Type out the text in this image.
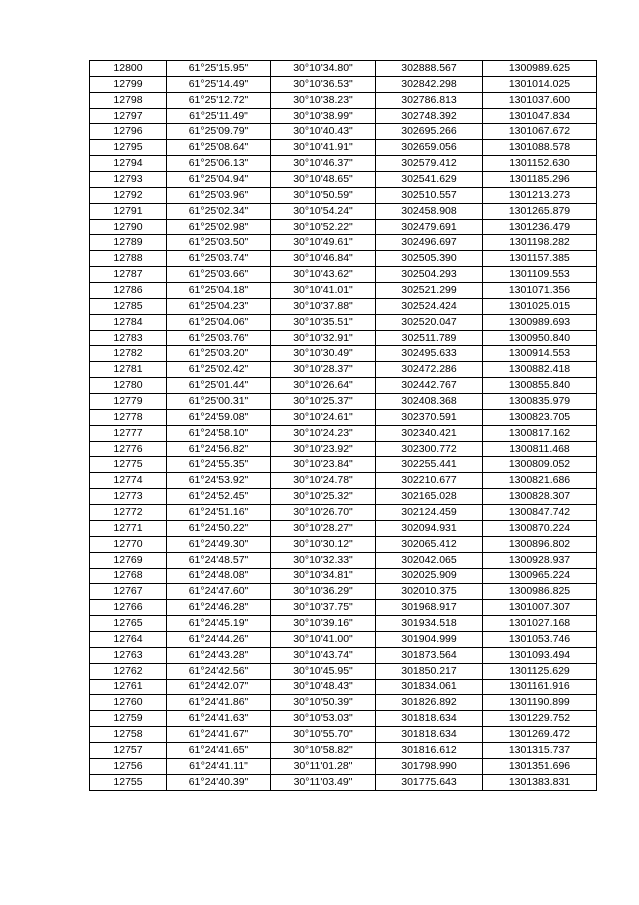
12800	61°25'15.95"	30°10'34.80"	302888.567	1300989.625
12799	61°25'14.49"	30°10'36.53"	302842.298	1301014.025
12798	61°25'12.72"	30°10'38.23"	302786.813	1301037.600
12797	61°25'11.49"	30°10'38.99"	302748.392	1301047.834
12796	61°25'09.79"	30°10'40.43"	302695.266	1301067.672
12795	61°25'08.64"	30°10'41.91"	302659.056	1301088.578
12794	61°25'06.13"	30°10'46.37"	302579.412	1301152.630
12793	61°25'04.94"	30°10'48.65"	302541.629	1301185.296
12792	61°25'03.96"	30°10'50.59"	302510.557	1301213.273
12791	61°25'02.34"	30°10'54.24"	302458.908	1301265.879
12790	61°25'02.98"	30°10'52.22"	302479.691	1301236.479
12789	61°25'03.50"	30°10'49.61"	302496.697	1301198.282
12788	61°25'03.74"	30°10'46.84"	302505.390	1301157.385
12787	61°25'03.66"	30°10'43.62"	302504.293	1301109.553
12786	61°25'04.18"	30°10'41.01"	302521.299	1301071.356
12785	61°25'04.23"	30°10'37.88"	302524.424	1301025.015
12784	61°25'04.06"	30°10'35.51"	302520.047	1300989.693
12783	61°25'03.76"	30°10'32.91"	302511.789	1300950.840
12782	61°25'03.20"	30°10'30.49"	302495.633	1300914.553
12781	61°25'02.42"	30°10'28.37"	302472.286	1300882.418
12780	61°25'01.44"	30°10'26.64"	302442.767	1300855.840
12779	61°25'00.31"	30°10'25.37"	302408.368	1300835.979
12778	61°24'59.08"	30°10'24.61"	302370.591	1300823.705
12777	61°24'58.10"	30°10'24.23"	302340.421	1300817.162
12776	61°24'56.82"	30°10'23.92"	302300.772	1300811.468
12775	61°24'55.35"	30°10'23.84"	302255.441	1300809.052
12774	61°24'53.92"	30°10'24.78"	302210.677	1300821.686
12773	61°24'52.45"	30°10'25.32"	302165.028	1300828.307
12772	61°24'51.16"	30°10'26.70"	302124.459	1300847.742
12771	61°24'50.22"	30°10'28.27"	302094.931	1300870.224
12770	61°24'49.30"	30°10'30.12"	302065.412	1300896.802
12769	61°24'48.57"	30°10'32.33"	302042.065	1300928.937
12768	61°24'48.08"	30°10'34.81"	302025.909	1300965.224
12767	61°24'47.60"	30°10'36.29"	302010.375	1300986.825
12766	61°24'46.28"	30°10'37.75"	301968.917	1301007.307
12765	61°24'45.19"	30°10'39.16"	301934.518	1301027.168
12764	61°24'44.26"	30°10'41.00"	301904.999	1301053.746
12763	61°24'43.28"	30°10'43.74"	301873.564	1301093.494
12762	61°24'42.56"	30°10'45.95"	301850.217	1301125.629
12761	61°24'42.07"	30°10'48.43"	301834.061	1301161.916
12760	61°24'41.86"	30°10'50.39"	301826.892	1301190.899
12759	61°24'41.63"	30°10'53.03"	301818.634	1301229.752
12758	61°24'41.67"	30°10'55.70"	301818.634	1301269.472
12757	61°24'41.65"	30°10'58.82"	301816.612	1301315.737
12756	61°24'41.11"	30°11'01.28"	301798.990	1301351.696
12755	61°24'40.39"	30°11'03.49"	301775.643	1301383.831
